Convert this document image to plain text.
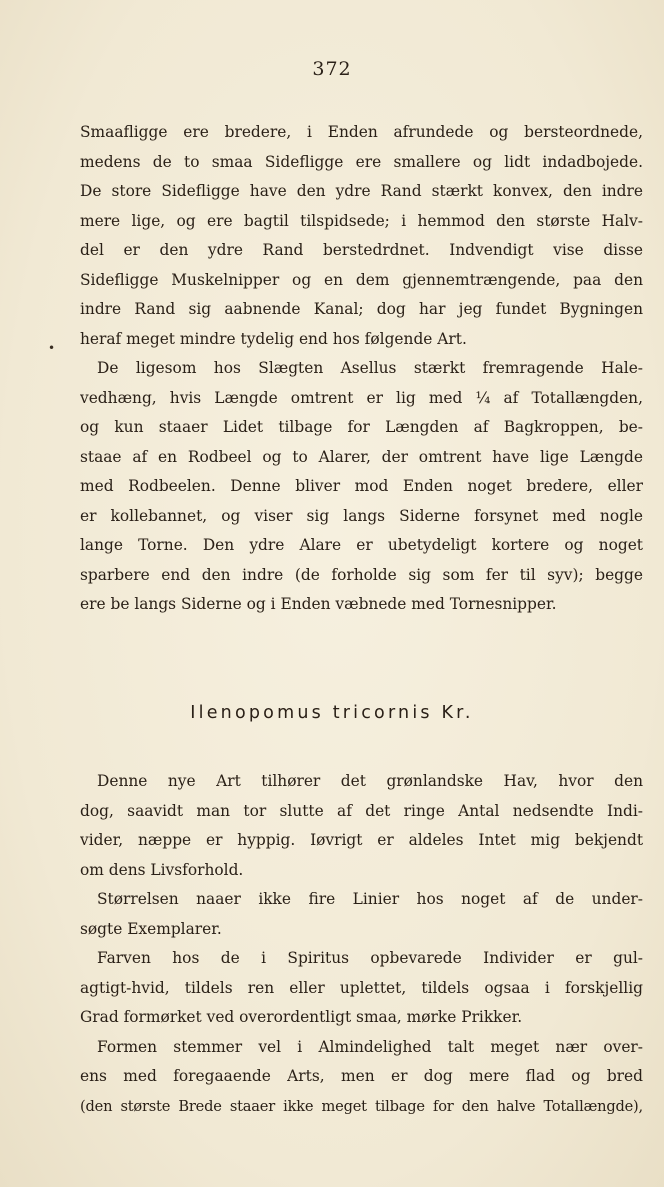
372
•
Smaafligge ere bredere, i Enden afrundede og bersteordnede,
medens de to smaa Sidefligge ere smallere og lidt indadbojede.
De store Sidefligge have den ydre Rand stærkt konvex, den indre
mere lige, og ere bagtil tilspidsede; i hemmod den største Halv-
del er den ydre Rand berstedrdnet. Indvendigt vise disse
Sidefligge Muskelnipper og en dem gjennemtrængende, paa den
indre Rand sig aabnende Kanal; dog har jeg fundet Bygningen
heraf meget mindre tydelig end hos følgende Art.
De ligesom hos Slægten Asellus stærkt fremragende Hale-
vedhæng, hvis Længde omtrent er lig med ¼ af Totallængden,
og kun staaer Lidet tilbage for Længden af Bagkroppen, be-
staae af en Rodbeel og to Alarer, der omtrent have lige Længde
med Rodbeelen. Denne bliver mod Enden noget bredere, eller
er kollebannet, og viser sig langs Siderne forsynet med nogle
lange Torne. Den ydre Alare er ubetydeligt kortere og noget
sparbere end den indre (de forholde sig som fer til syv); begge
ere be langs Siderne og i Enden væbnede med Tornesnipper.
Ilenopomus tricornis Kr.
Denne nye Art tilhører det grønlandske Hav, hvor den
dog, saavidt man tor slutte af det ringe Antal nedsendte Indi-
vider, næppe er hyppig. Iøvrigt er aldeles Intet mig bekjendt
om dens Livsforhold.
Størrelsen naaer ikke fire Linier hos noget af de under-
søgte Exemplarer.
Farven hos de i Spiritus opbevarede Individer er gul-
agtigt-hvid, tildels ren eller uplettet, tildels ogsaa i forskjellig
Grad formørket ved overordentligt smaa, mørke Prikker.
Formen stemmer vel i Almindelighed talt meget nær over-
ens med foregaaende Arts, men er dog mere flad og bred
(den største Brede staaer ikke meget tilbage for den halve Totallængde),
